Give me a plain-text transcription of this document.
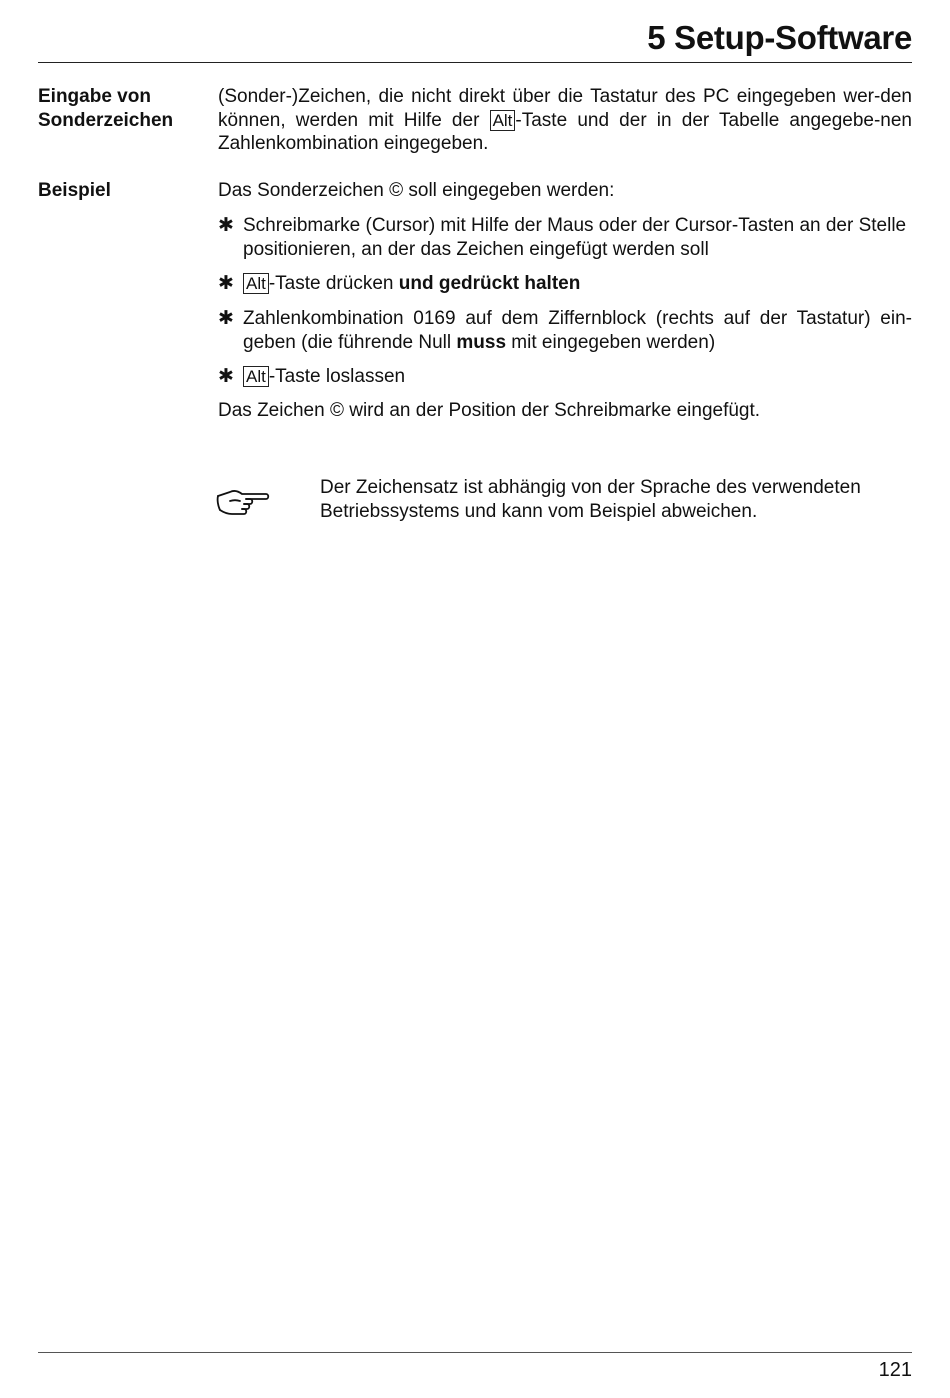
5 Setup-Software
Eingabe von
Sonderzeichen
(Sonder-)Zeichen, die nicht direkt über die Tastatur des PC eingegeben wer-den können, werden mit Hilfe der Alt -Taste und der in der Tabelle angegebe-nen Zahlenkombination eingegeben.
Beispiel	Das Sonderzeichen © soll eingegeben werden:
✱ Schreibmarke (Cursor) mit Hilfe der Maus oder der Cursor-Tasten an der Stelle positionieren, an der das Zeichen eingefügt werden soll
✱ Alt -Taste drücken und gedrückt halten
✱ Zahlenkombination 0169 auf dem Ziffernblock (rechts auf der Tastatur) ein-geben (die führende Null muss mit eingegeben werden)
✱ Alt -Taste loslassen
Das Zeichen © wird an der Position der Schreibmarke eingefügt.
Der Zeichensatz ist abhängig von der Sprache des verwendeten Betriebssystems und kann vom Beispiel abweichen.
121
